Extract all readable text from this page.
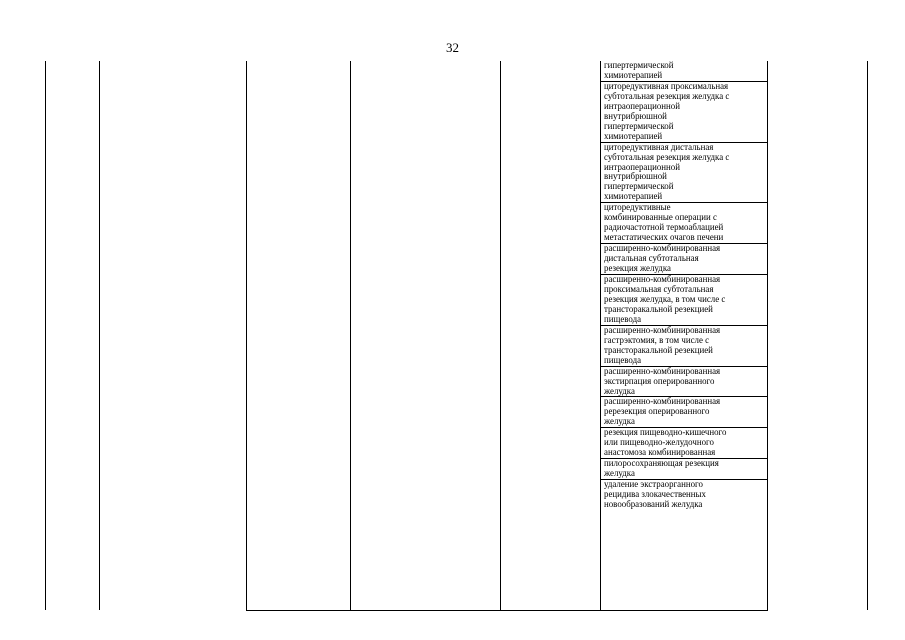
32
гипертермической
химиотерапией
циторедуктивная проксимальная
субтотальная резекция желудка с
интраоперационной
внутрибрюшной
гипертермической
химиотерапией
циторедуктивная дистальная
субтотальная резекция желудка с
интраоперационной
внутрибрюшной
гипертермической
химиотерапией
циторедуктивные
комбинированные операции с
радиочастотной термоаблацией
метастатических очагов печени
расширенно-комбинированная
дистальная субтотальная
резекция желудка
расширенно-комбинированная
проксимальная субтотальная
резекция желудка, в том числе с
трансторакальной резекцией
пищевода
расширенно-комбинированная
гастрэктомия, в том числе с
трансторакальной резекцией
пищевода
расширенно-комбинированная
экстирпация оперированного
желудка
расширенно-комбинированная
ререзекция оперированного
желудка
резекция пищеводно-кишечного
или пищеводно-желудочного
анастомоза комбинированная
пилоросохраняющая резекция
желудка
удаление экстраорганного
рецидива злокачественных
новообразований желудка
